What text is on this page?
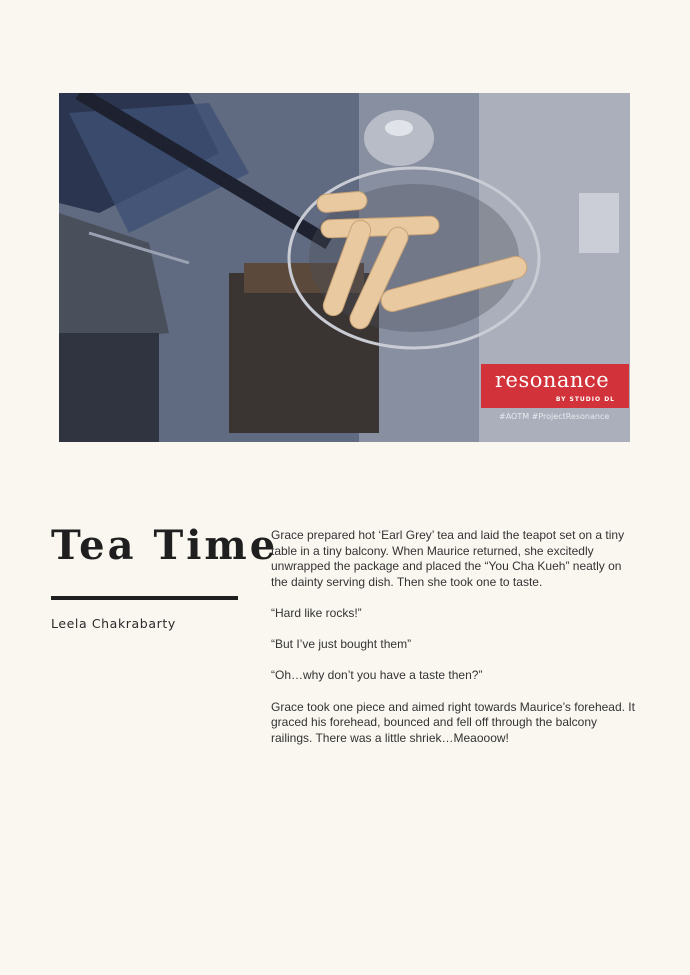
resonance
BY STUDIO DL
#AOTM #ProjectResonance
Tea Time
Leela Chakrabarty

Grace prepared hot ‘Earl Grey’ tea and laid the teapot set on a tiny table in a tiny balcony. When Maurice returned, she excitedly unwrapped the package and placed the “You Cha Kueh” neatly on the dainty serving dish. Then she took one to taste.

“Hard like rocks!”

“But I’ve just bought them”

“Oh…why don’t you have a taste then?”

Grace took one piece and aimed right towards Maurice’s forehead. It graced his forehead, bounced and fell off through the balcony railings. There was a little shriek…Meaooow!
